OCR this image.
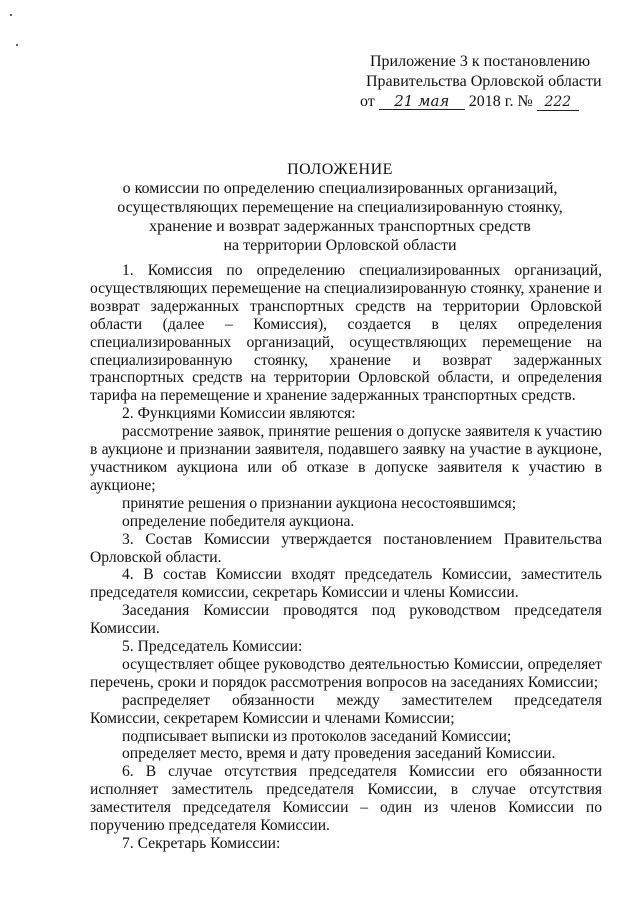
Приложение 3 к постановлению
Правительства Орловской области
от 21 мая 2018 г. № 222
ПОЛОЖЕНИЕ
о комиссии по определению специализированных организаций,
осуществляющих перемещение на специализированную стоянку,
хранение и возврат задержанных транспортных средств
на территории Орловской области

1. Комиссия по определению специализированных организаций, осуществляющих перемещение на специализированную стоянку, хранение и возврат задержанных транспортных средств на территории Орловской области (далее – Комиссия), создается в целях определения специализированных организаций, осуществляющих перемещение на специализированную стоянку, хранение и возврат задержанных транспортных средств на территории Орловской области, и определения тарифа на перемещение и хранение задержанных транспортных средств.

2. Функциями Комиссии являются:

рассмотрение заявок, принятие решения о допуске заявителя к участию в аукционе и признании заявителя, подавшего заявку на участие в аукционе, участником аукциона или об отказе в допуске заявителя к участию в аукционе;

принятие решения о признании аукциона несостоявшимся;

определение победителя аукциона.

3. Состав Комиссии утверждается постановлением Правительства Орловской области.

4. В состав Комиссии входят председатель Комиссии, заместитель председателя комиссии, секретарь Комиссии и члены Комиссии.

Заседания Комиссии проводятся под руководством председателя Комиссии.

5. Председатель Комиссии:

осуществляет общее руководство деятельностью Комиссии, определяет перечень, сроки и порядок рассмотрения вопросов на заседаниях Комиссии;

распределяет обязанности между заместителем председателя Комиссии, секретарем Комиссии и членами Комиссии;

подписывает выписки из протоколов заседаний Комиссии;

определяет место, время и дату проведения заседаний Комиссии.

6. В случае отсутствия председателя Комиссии его обязанности исполняет заместитель председателя Комиссии, в случае отсутствия заместителя председателя Комиссии – один из членов Комиссии по поручению председателя Комиссии.

7. Секретарь Комиссии:
